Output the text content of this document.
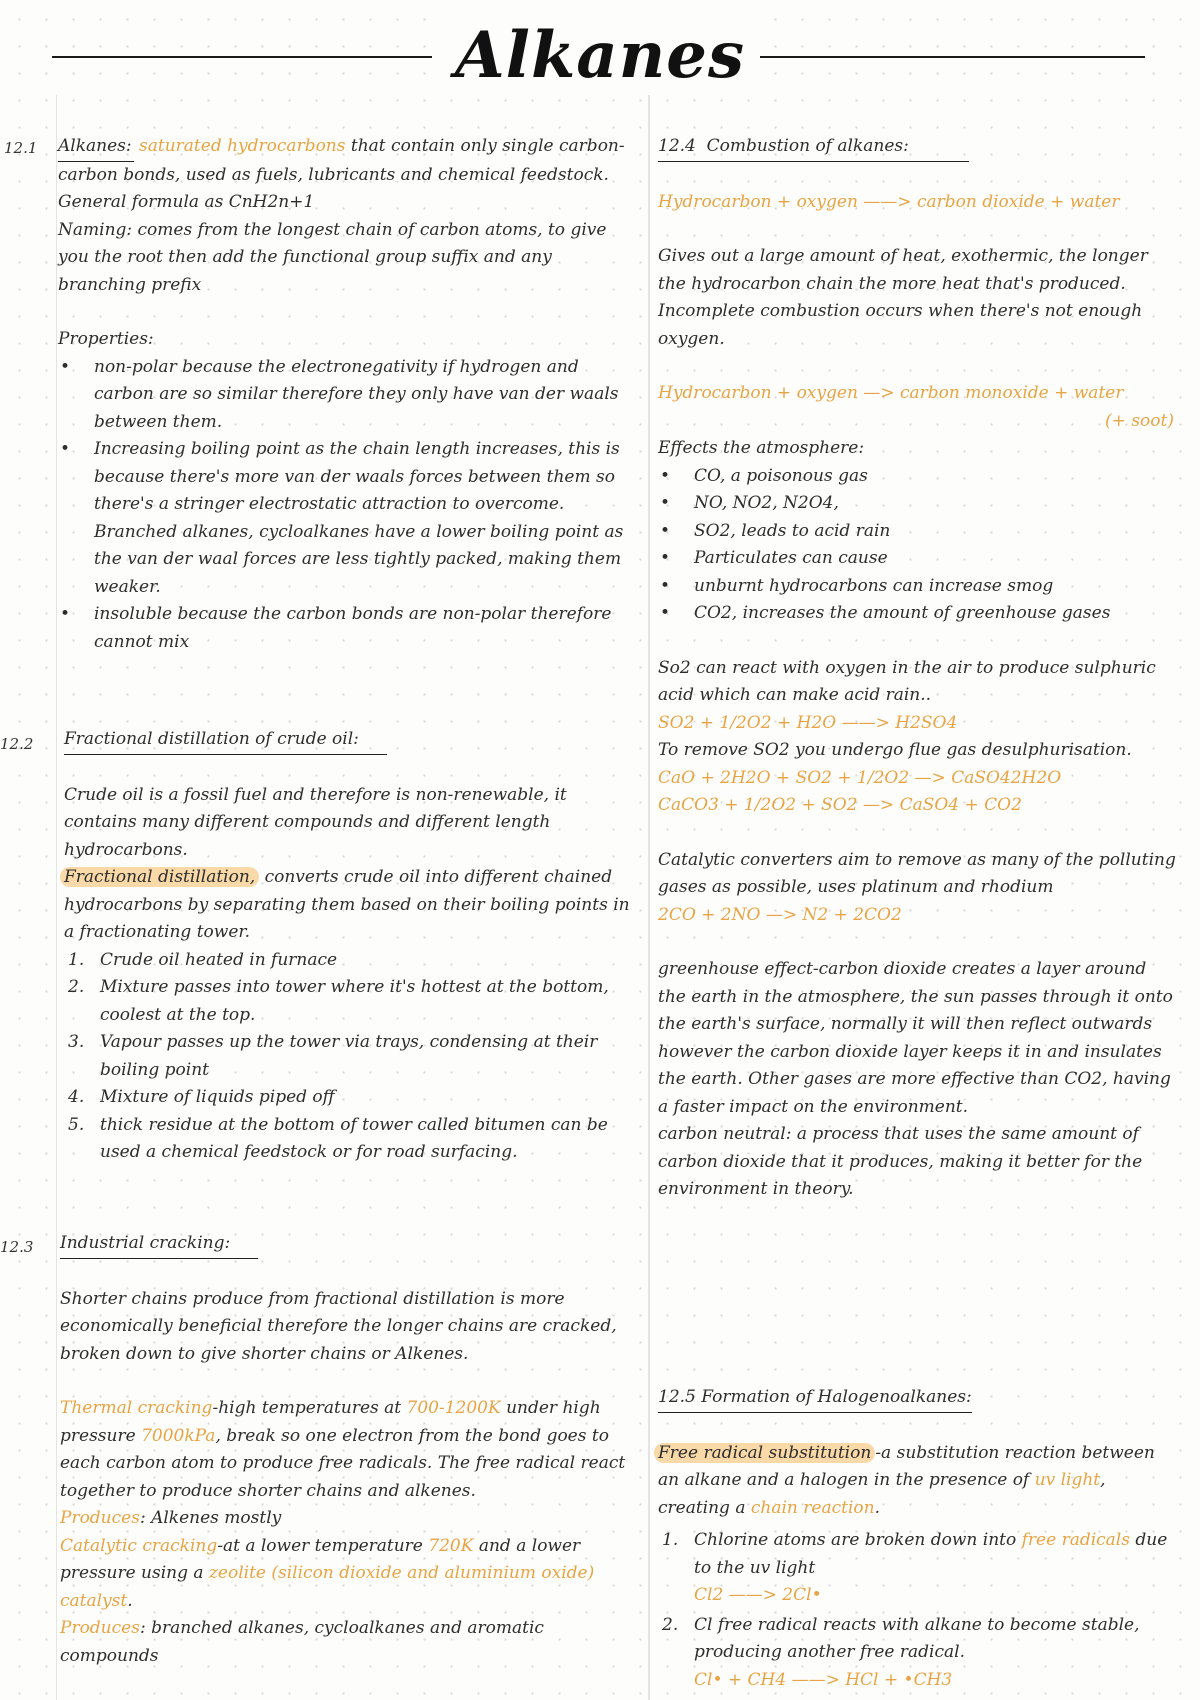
Alkanes
12.1 Alkanes: saturated hydrocarbons that contain only single carbon-carbon bonds, used as fuels, lubricants and chemical feedstock.
General formula as CnH2n+1
Naming: comes from the longest chain of carbon atoms, to give you the root then add the functional group suffix and any branching prefix
Properties:
• non-polar because the electronegativity if hydrogen and carbon are so similar therefore they only have van der waals between them.
• Increasing boiling point as the chain length increases, this is because there's more van der waals forces between them so there's a stringer electrostatic attraction to overcome. Branched alkanes, cycloalkanes have a lower boiling point as the van der waal forces are less tightly packed, making them weaker.
• insoluble because the carbon bonds are non-polar therefore cannot mix
12.2 Fractional distillation of crude oil:
Crude oil is a fossil fuel and therefore is non-renewable, it contains many different compounds and different length hydrocarbons.
Fractional distillation, converts crude oil into different chained hydrocarbons by separating them based on their boiling points in a fractionating tower.
1. Crude oil heated in furnace
2. Mixture passes into tower where it's hottest at the bottom, coolest at the top.
3. Vapour passes up the tower via trays, condensing at their boiling point
4. Mixture of liquids piped off
5. thick residue at the bottom of tower called bitumen can be used a chemical feedstock or for road surfacing.
12.3 Industrial cracking:
Shorter chains produce from fractional distillation is more economically beneficial therefore the longer chains are cracked, broken down to give shorter chains or Alkenes.
Thermal cracking-high temperatures at 700-1200K under high pressure 7000kPa, break so one electron from the bond goes to each carbon atom to produce free radicals. The free radical react together to produce shorter chains and alkenes.
Produces: Alkenes mostly
Catalytic cracking-at a lower temperature 720K and a lower pressure using a zeolite (silicon dioxide and aluminium oxide) catalyst.
Produces: branched alkanes, cycloalkanes and aromatic compounds
12.4 Combustion of alkanes:
Hydrocarbon + oxygen ——> carbon dioxide + water
Gives out a large amount of heat, exothermic, the longer the hydrocarbon chain the more heat that's produced.
Incomplete combustion occurs when there's not enough oxygen.
Hydrocarbon + oxygen —> carbon monoxide + water
(+ soot)
Effects the atmosphere:
• CO, a poisonous gas
• NO, NO2, N2O4,
• SO2, leads to acid rain
• Particulates can cause
• unburnt hydrocarbons can increase smog
• CO2, increases the amount of greenhouse gases
So2 can react with oxygen in the air to produce sulphuric acid which can make acid rain..
SO2 + 1/2O2 + H2O ——> H2SO4
To remove SO2 you undergo flue gas desulphurisation.
CaO + 2H2O + SO2 + 1/2O2 —> CaSO42H2O
CaCO3 + 1/2O2 + SO2 —> CaSO4 + CO2
Catalytic converters aim to remove as many of the polluting gases as possible, uses platinum and rhodium
2CO + 2NO —> N2 + 2CO2
greenhouse effect-carbon dioxide creates a layer around the earth in the atmosphere, the sun passes through it onto the earth's surface, normally it will then reflect outwards however the carbon dioxide layer keeps it in and insulates the earth. Other gases are more effective than CO2, having a faster impact on the environment.
carbon neutral: a process that uses the same amount of carbon dioxide that it produces, making it better for the environment in theory.
12.5 Formation of Halogenoalkanes:
Free radical substitution -a substitution reaction between an alkane and a halogen in the presence of uv light, creating a chain reaction.
1. Chlorine atoms are broken down into free radicals due to the uv light
Cl2 ——> 2Cl•
2. Cl free radical reacts with alkane to become stable, producing another free radical.
Cl• + CH4 ——> HCl + •CH3
